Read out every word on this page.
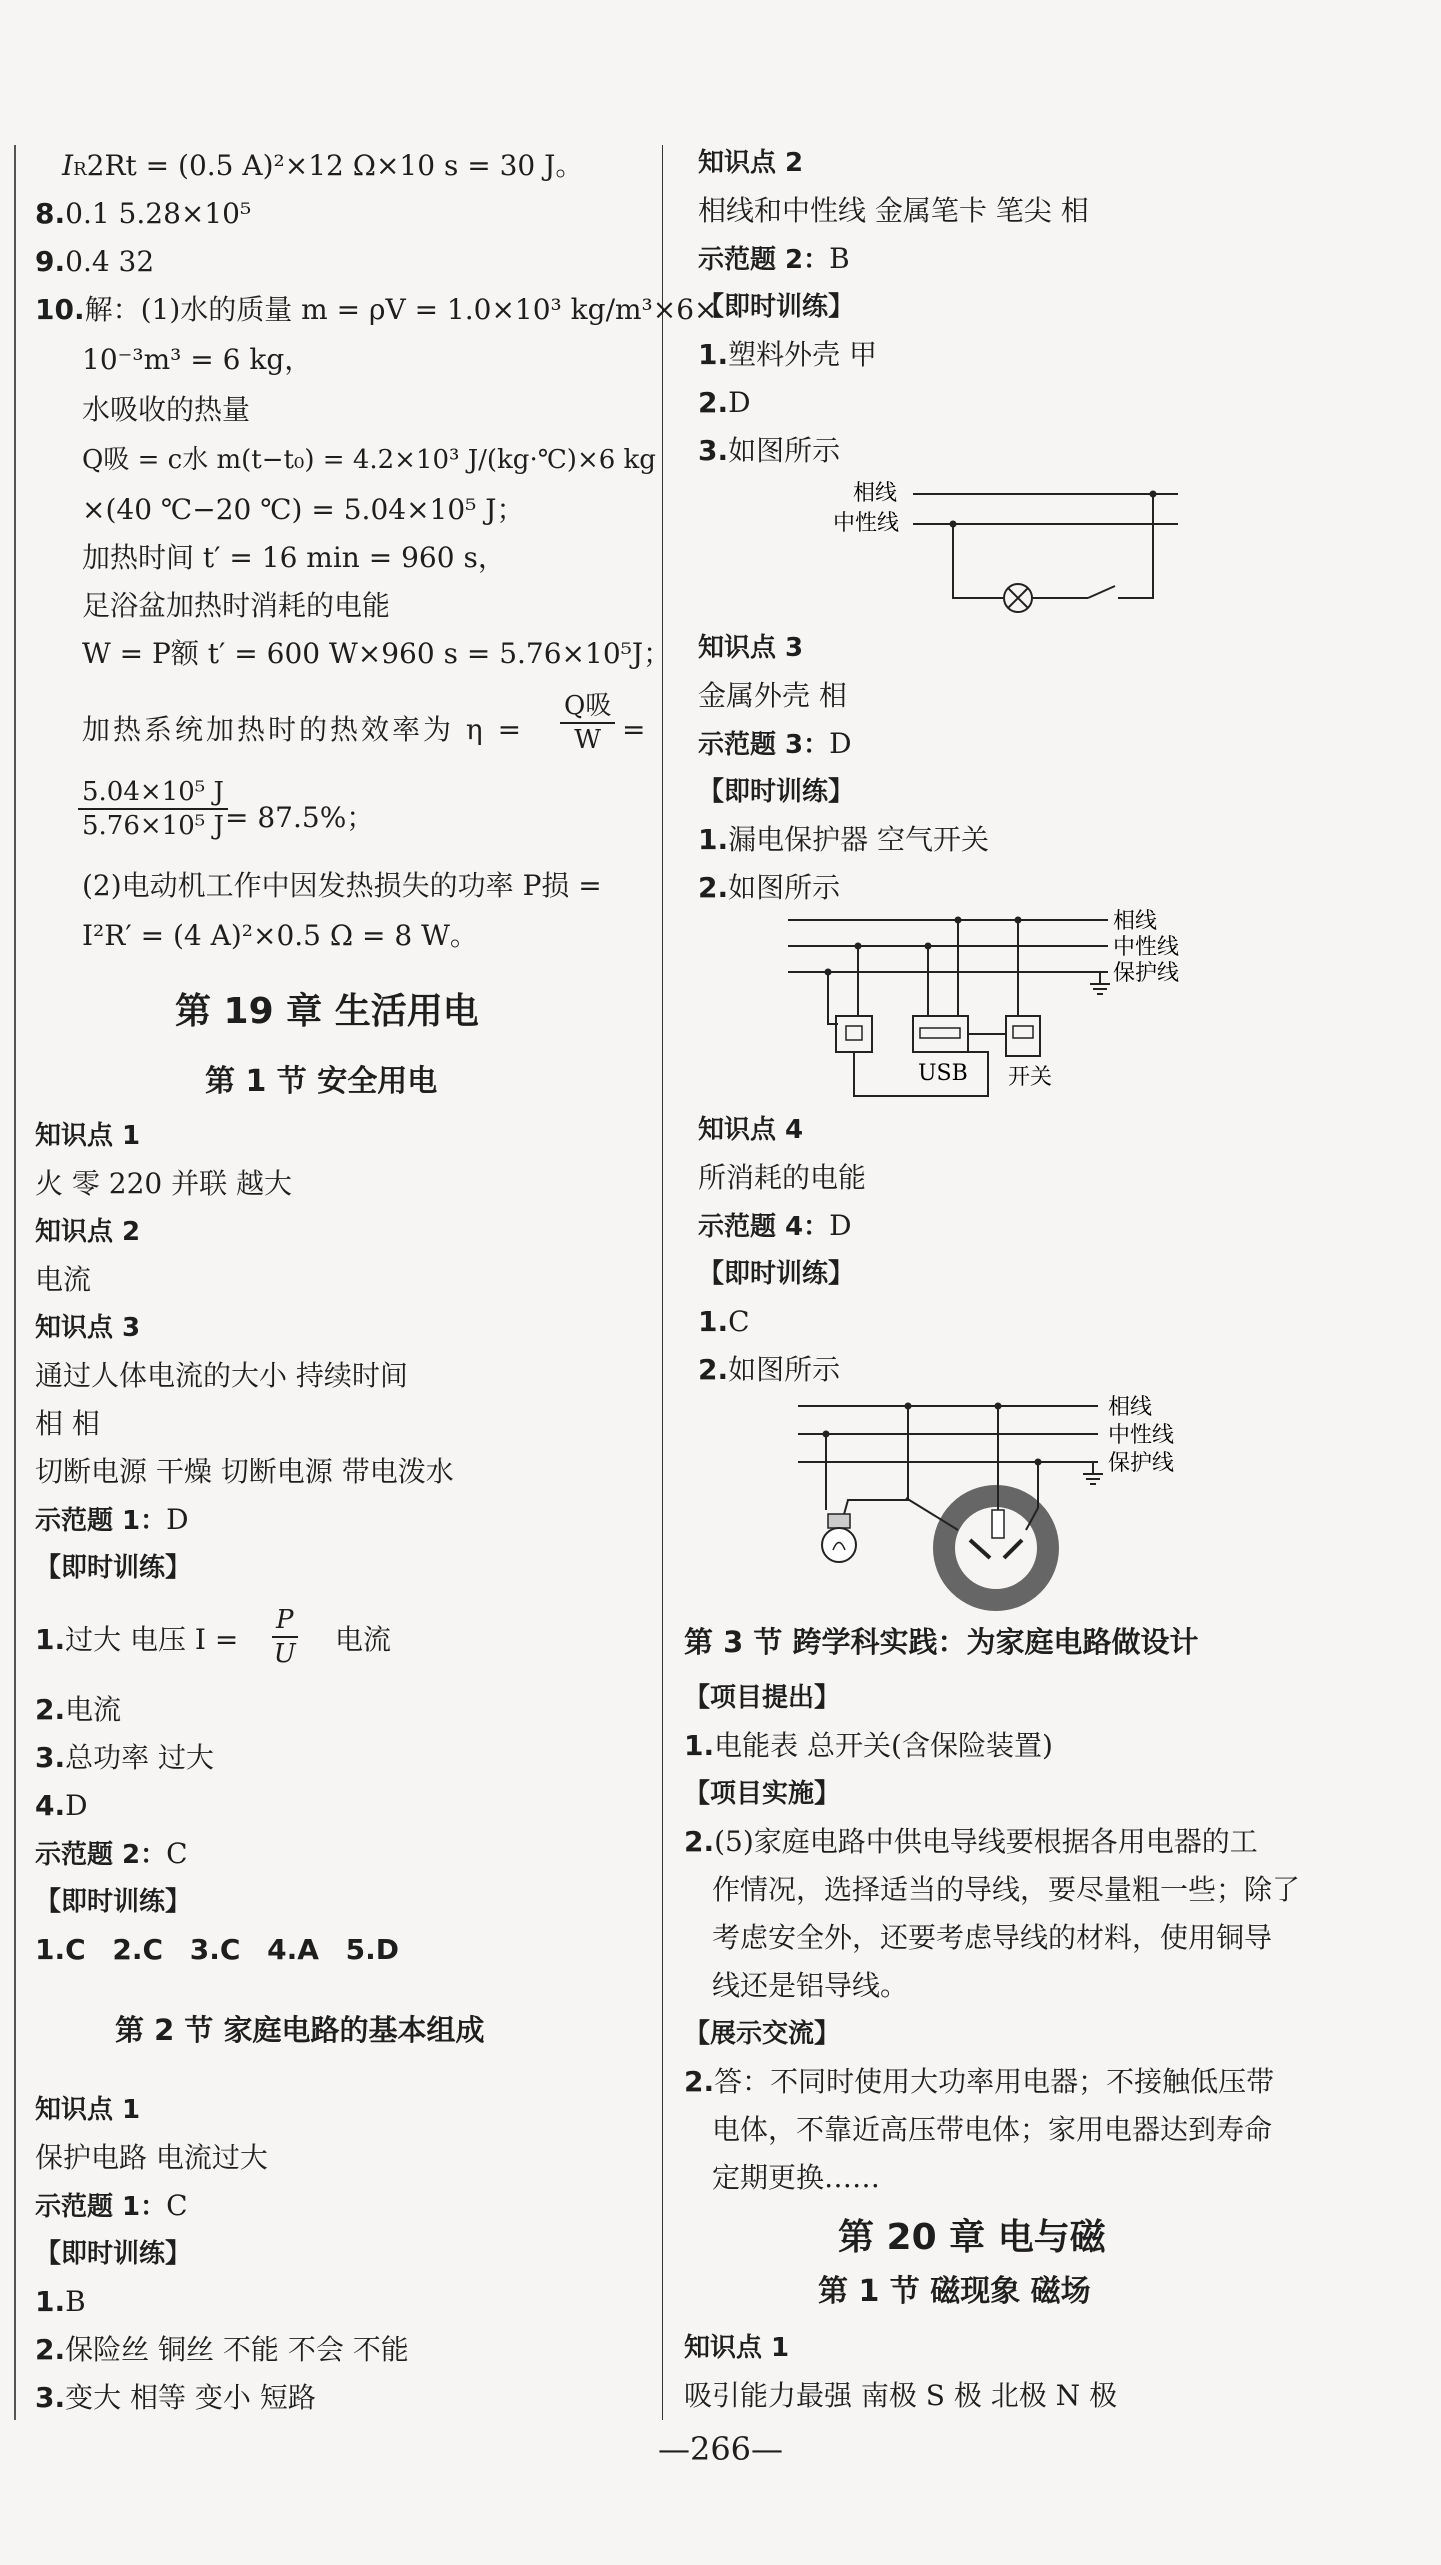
IR2Rt = (0.5 A)²×12 Ω×10 s = 30 J。
8.0.1 5.28×10⁵
9.0.4 32
10.解：(1)水的质量 m = ρV = 1.0×10³ kg/m³×6×
10⁻³m³ = 6 kg，
水吸收的热量
Q吸 = c水 m(t−t₀) = 4.2×10³ J/(kg·℃)×6 kg
×(40 ℃−20 ℃) = 5.04×10⁵ J；
加热时间 t′ = 16 min = 960 s，
足浴盆加热时消耗的电能
W = P额 t′ = 600 W×960 s = 5.76×10⁵J；
加热系统加热时的热效率为 η =
Q吸
W =
$\frac{\text{5.04×10⁵ J}}{\text{5.76×10⁵ J}}$
= 87.5%；
(2)电动机工作中因发热损失的功率 P损 =
I²R′ = (4 A)²×0.5 Ω = 8 W。
第 19 章 生活用电
第 1 节 安全用电
知识点 1
火 零 220 并联 越大
知识点 2
电流
知识点 3
通过人体电流的大小 持续时间
相 相
切断电源 干燥 切断电源 带电泼水
示范题 1：D
【即时训练】
1.过大 电压 $I = \frac{P}{U}$ 电流
2.电流
3.总功率 过大
4.D
示范题 2：C
【即时训练】
1.C 2.C 3.C 4.A 5.D
第 2 节 家庭电路的基本组成
知识点 1
保护电路 电流过大
示范题 1：C
【即时训练】
1.B
2.保险丝 铜丝 不能 不会 不能
3.变大 相等 变小 短路
知识点 2
相线和中性线 金属笔卡 笔尖 相
示范题 2：B
【即时训练】
1.塑料外壳 甲
2.D
3.如图所示
相线
中性线
知识点 3
金属外壳 相
示范题 3：D
【即时训练】
1.漏电保护器 空气开关
2.如图所示
相线
中性线
保护线
USB 开关
知识点 4
所消耗的电能
示范题 4：D
【即时训练】
1.C
2.如图所示
相线
中性线
保护线
第 3 节 跨学科实践：为家庭电路做设计
【项目提出】
1.电能表 总开关(含保险装置)
【项目实施】
2.(5)家庭电路中供电导线要根据各用电器的工
作情况，选择适当的导线，要尽量粗一些；除了
考虑安全外，还要考虑导线的材料，使用铜导
线还是铝导线。
【展示交流】
2.答：不同时使用大功率用电器；不接触低压带
电体，不靠近高压带电体；家用电器达到寿命
定期更换……
第 20 章 电与磁
第 1 节 磁现象 磁场
知识点 1
吸引能力最强 南极 S 极 北极 N 极
—266—
